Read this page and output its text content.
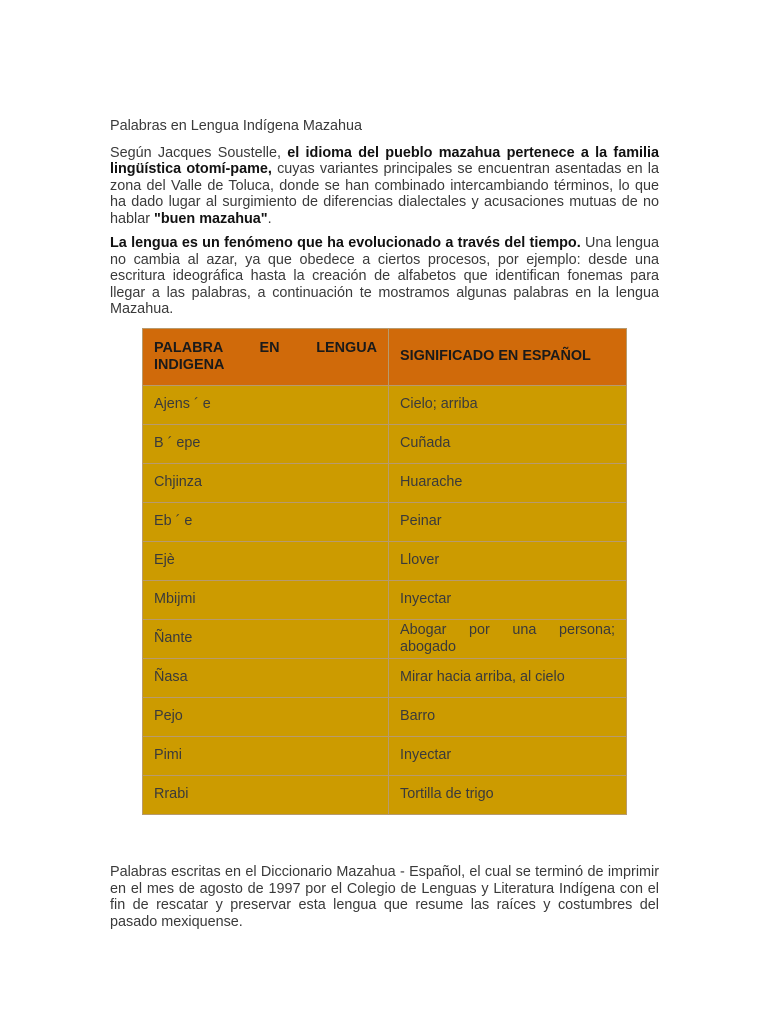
Palabras en Lengua Indígena Mazahua

Según Jacques Soustelle, el idioma del pueblo mazahua pertenece a la familia lingüística otomí-pame, cuyas variantes principales se encuentran asentadas en la zona del Valle de Toluca, donde se han combinado intercambiando términos, lo que ha dado lugar al surgimiento de diferencias dialectales y acusaciones mutuas de no hablar "buen mazahua".

La lengua es un fenómeno que ha evolucionado a través del tiempo. Una lengua no cambia al azar, ya que obedece a ciertos procesos, por ejemplo: desde una escritura ideográfica hasta la creación de alfabetos que identifican fonemas para llegar a las palabras, a continuación te mostramos algunas palabras en la lengua Mazahua.

PALABRA EN LENGUA INDIGENA	SIGNIFICADO EN ESPAÑOL
Ajens ´ e	Cielo; arriba
B ´ epe	Cuñada
Chjinza	Huarache
Eb ´ e	Peinar
Ejè	Llover
Mbijmi	Inyectar
Ñante	Abogar por una persona; abogado
Ñasa	Mirar hacia arriba, al cielo
Pejo	Barro
Pimi	Inyectar
Rrabi	Tortilla de trigo
Palabras escritas en el Diccionario Mazahua - Español, el cual se terminó de imprimir en el mes de agosto de 1997 por el Colegio de Lenguas y Literatura Indígena con el fin de rescatar y preservar esta lengua que resume las raíces y costumbres del pasado mexiquense.
